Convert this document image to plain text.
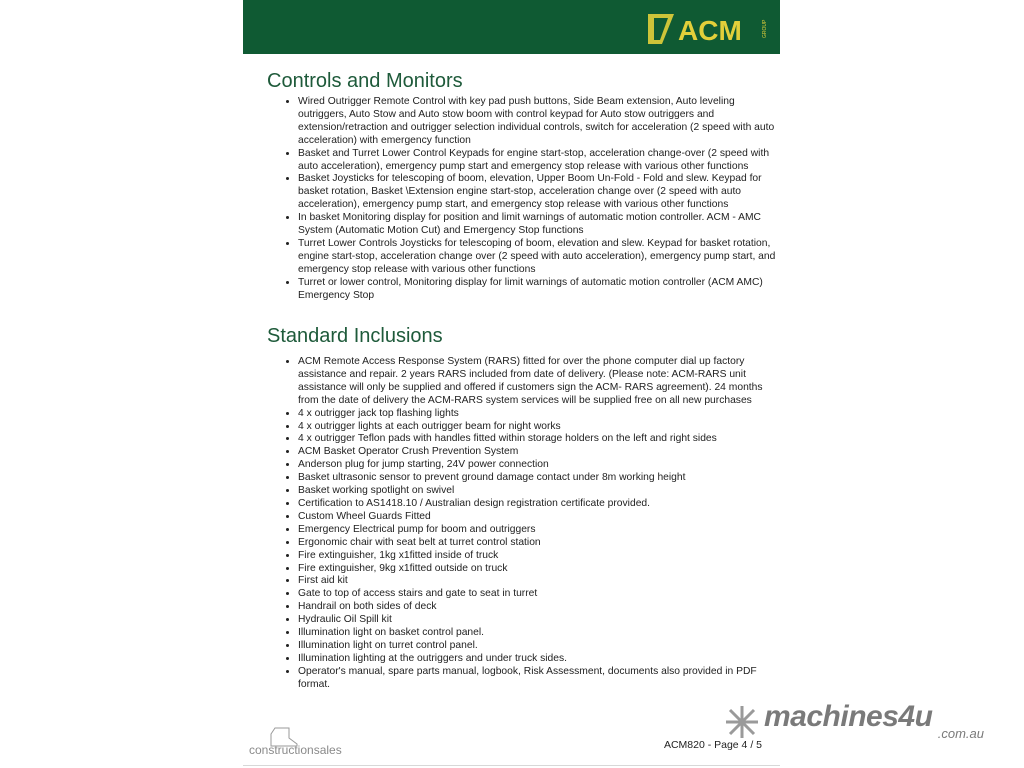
ACM	GROUP
Controls and Monitors
• Wired Outrigger Remote Control with key pad push buttons, Side Beam extension, Auto leveling outriggers, Auto Stow and Auto stow boom with control keypad for Auto stow outriggers and extension/retraction and outrigger selection individual controls, switch for acceleration (2 speed with auto acceleration) with emergency function
• Basket and Turret Lower Control Keypads for engine start-stop, acceleration change-over (2 speed with auto acceleration), emergency pump start and emergency stop release with various other functions
• Basket Joysticks for telescoping of boom, elevation, Upper Boom Un-Fold - Fold and slew. Keypad for basket rotation, Basket \Extension engine start-stop, acceleration change over (2 speed with auto acceleration), emergency pump start, and emergency stop release with various other functions
• In basket Monitoring display for position and limit warnings of automatic motion controller. ACM - AMC System (Automatic Motion Cut) and Emergency Stop functions
• Turret Lower Controls Joysticks for telescoping of boom, elevation and slew. Keypad for basket rotation, engine start-stop, acceleration change over (2 speed with auto acceleration), emergency pump start, and emergency stop release with various other functions
• Turret or lower control, Monitoring display for limit warnings of automatic motion controller (ACM AMC) Emergency Stop
Standard Inclusions
• ACM Remote Access Response System (RARS) fitted for over the phone computer dial up factory assistance and repair. 2 years RARS included from date of delivery. (Please note: ACM-RARS unit assistance will only be supplied and offered if customers sign the ACM- RARS agreement). 24 months from the date of delivery the ACM-RARS system services will be supplied free on all new purchases
• 4 x outrigger jack top flashing lights
• 4 x outrigger lights at each outrigger beam for night works
• 4 x outrigger Teflon pads with handles fitted within storage holders on the left and right sides
• ACM Basket Operator Crush Prevention System
• Anderson plug for jump starting, 24V power connection
• Basket ultrasonic sensor to prevent ground damage contact under 8m working height
• Basket working spotlight on swivel
• Certification to AS1418.10 / Australian design registration certificate provided.
• Custom Wheel Guards Fitted
• Emergency Electrical pump for boom and outriggers
• Ergonomic chair with seat belt at turret control station
• Fire extinguisher, 1kg x1fitted inside of truck
• Fire extinguisher, 9kg x1fitted outside on truck
• First aid kit
• Gate to top of access stairs and gate to seat in turret
• Handrail on both sides of deck
• Hydraulic Oil Spill kit
• Illumination light on basket control panel.
• Illumination light on turret control panel.
• Illumination lighting at the outriggers and under truck sides.
• Operator's manual, spare parts manual, logbook, Risk Assessment, documents also provided in PDF format.
constructionsales	ACM820 - Page 4 / 5
machines4u
.com.au
